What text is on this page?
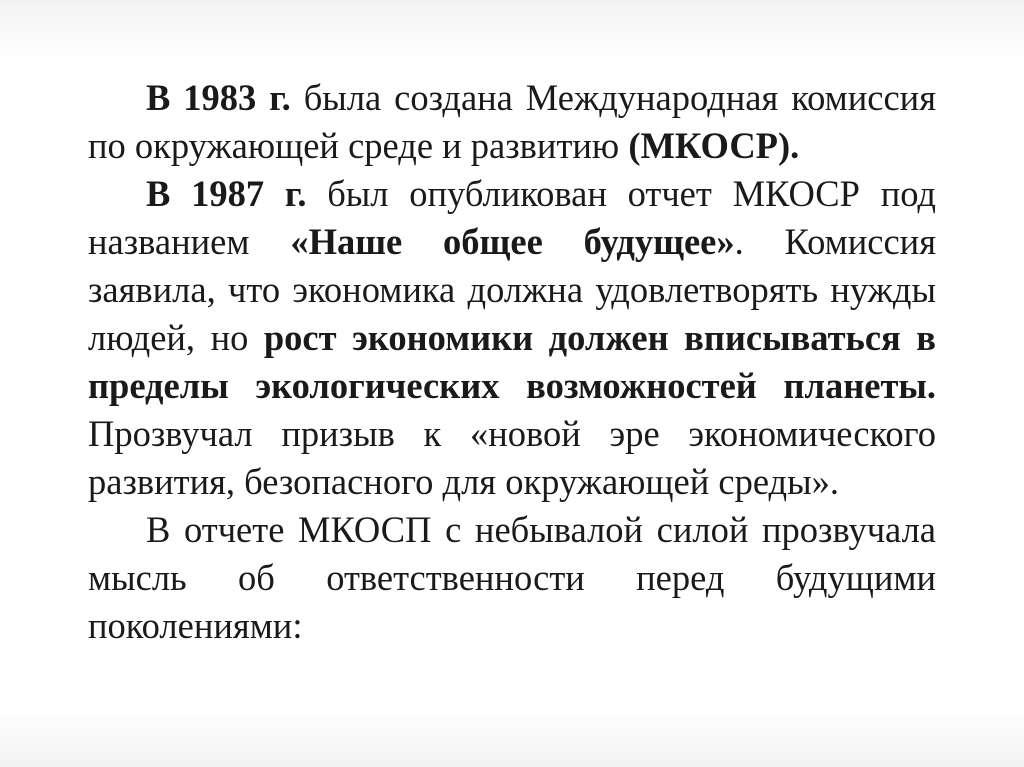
В 1983 г. была создана Международная комиссия по окружающей среде и развитию (МКОСР).

В 1987 г. был опубликован отчет МКОСР под названием «Наше общее будущее». Комиссия заявила, что экономика должна удовлетворять нужды людей, но рост экономики должен вписываться в пределы экологических возможностей планеты. Прозвучал призыв к «новой эре экономического развития, безопасного для окружающей среды».

В отчете МКОСП с небывалой силой прозвучала мысль об ответственности перед будущими поколениями:
